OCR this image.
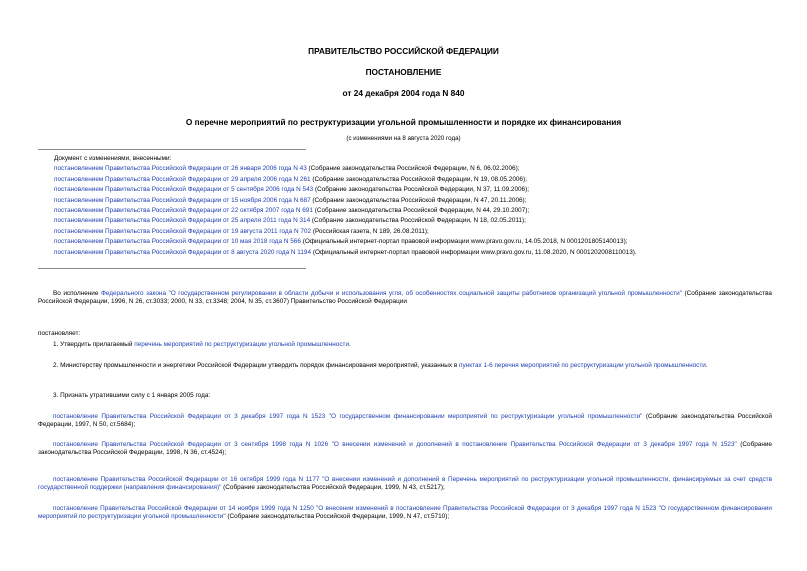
ПРАВИТЕЛЬСТВО РОССИЙСКОЙ ФЕДЕРАЦИИ
ПОСТАНОВЛЕНИЕ
от 24 декабря 2004 года N 840
О перечне мероприятий по реструктуризации угольной промышленности и порядке их финансирования
(с изменениями на 8 августа 2020 года)
Документ с изменениями, внесенными:
постановлением Правительства Российской Федерации от 26 января 2006 года N 43 (Собрание законодательства Российской Федерации, N 6, 06.02.2006);
постановлением Правительства Российской Федерации от 29 апреля 2006 года N 261 (Собрание законодательства Российской Федерации, N 19, 08.05.2006);
постановлением Правительства Российской Федерации от 5 сентября 2006 года N 543 (Собрание законодательства Российской Федерации, N 37, 11.09.2006);
постановлением Правительства Российской Федерации от 15 ноября 2006 года N 687 (Собрание законодательства Российской Федерации, N 47, 20.11.2006);
постановлением Правительства Российской Федерации от 22 октября 2007 года N 691 (Собрание законодательства Российской Федерации, N 44, 29.10.2007);
постановлением Правительства Российской Федерации от 25 апреля 2011 года N 314 (Собрание законодательства Российской Федерации, N 18, 02.05.2011);
постановлением Правительства Российской Федерации от 19 августа 2011 года N 702 (Российская газета, N 189, 26.08.2011);
постановлением Правительства Российской Федерации от 10 мая 2018 года N 566 (Официальный интернет-портал правовой информации www.pravo.gov.ru, 14.05.2018, N 0001201805140013);
постановлением Правительства Российской Федерации от 8 августа 2020 года N 1194 (Официальный интернет-портал правовой информации www.pravo.gov.ru, 11.08.2020, N 0001202008110013).
Во исполнение Федерального закона "О государственном регулировании в области добычи и использования угля, об особенностях социальной защиты работников организаций угольной промышленности" (Собрание законодательства Российской Федерации, 1996, N 26, ст.3033; 2000, N 33, ст.3348; 2004, N 35, ст.3607) Правительство Российской Федерации
постановляет:
1. Утвердить прилагаемый перечень мероприятий по реструктуризации угольной промышленности.
2. Министерству промышленности и энергетики Российской Федерации утвердить порядок финансирования мероприятий, указанных в пунктах 1-6 перечня мероприятий по реструктуризации угольной промышленности.
3. Признать утратившими силу с 1 января 2005 года:
постановление Правительства Российской Федерации от 3 декабря 1997 года N 1523 "О государственном финансировании мероприятий по реструктуризации угольной промышленности" (Собрание законодательства Российской Федерации, 1997, N 50, ст.5684);
постановление Правительства Российской Федерации от 3 сентября 1998 года N 1026 "О внесении изменений и дополнений в постановление Правительства Российской Федерации от 3 декабря 1997 года N 1523" (Собрание законодательства Российской Федерации, 1998, N 36, ст.4524);
постановление Правительства Российской Федерации от 16 октября 1999 года N 1177 "О внесении изменений и дополнений в Перечень мероприятий по реструктуризации угольной промышленности, финансируемых за счет средств государственной поддержки (направления финансирования)" (Собрание законодательства Российской Федерации, 1999, N 43, ст.5217);
постановление Правительства Российской Федерации от 14 ноября 1999 года N 1250 "О внесении изменений в постановление Правительства Российской Федерации от 3 декабря 1997 года N 1523 "О государственном финансировании мероприятий по реструктуризации угольной промышленности" (Собрание законодательства Российской Федерации, 1999, N 47, ст.5710);
